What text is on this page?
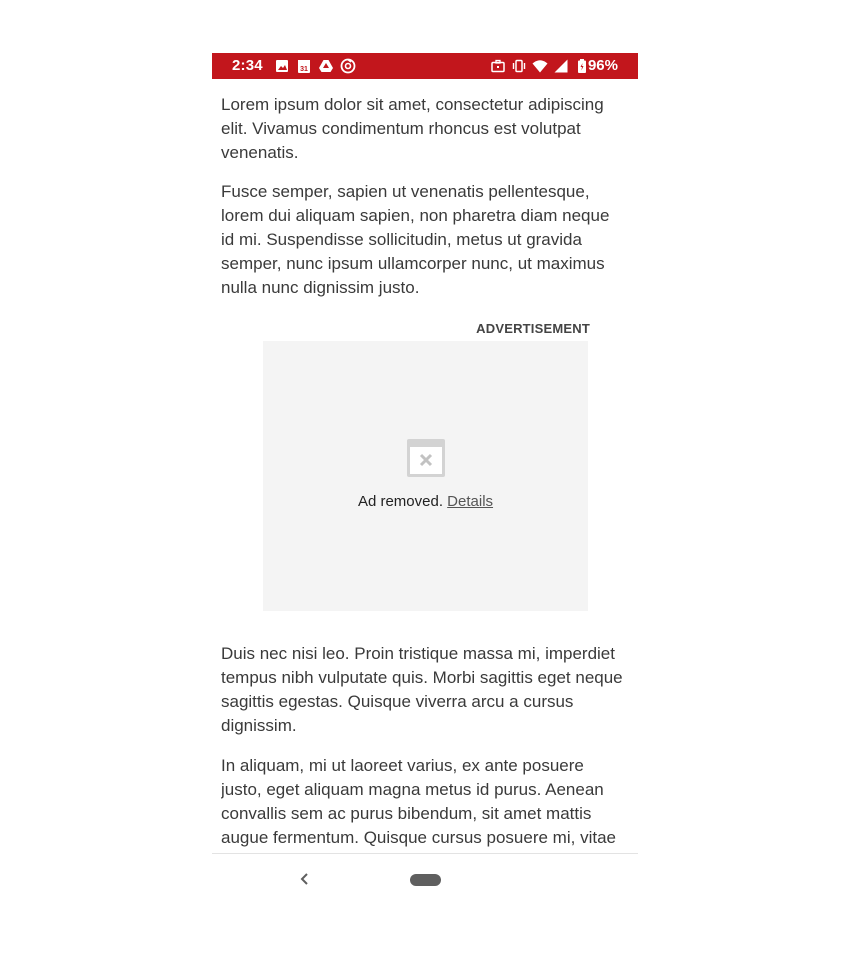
2:34	31	96%

Lorem ipsum dolor sit amet, consectetur adipiscing elit. Vivamus condimentum rhoncus est volutpat venenatis.

Fusce semper, sapien ut venenatis pellentesque, lorem dui aliquam sapien, non pharetra diam neque id mi. Suspendisse sollicitudin, metus ut gravida semper, nunc ipsum ullamcorper nunc, ut maximus nulla nunc dignissim justo.

ADVERTISEMENT
Ad removed. Details

Duis nec nisi leo. Proin tristique massa mi, imperdiet tempus nibh vulputate quis. Morbi sagittis eget neque sagittis egestas. Quisque viverra arcu a cursus dignissim.

In aliquam, mi ut laoreet varius, ex ante posuere justo, eget aliquam magna metus id purus. Aenean convallis sem ac purus bibendum, sit amet mattis augue fermentum. Quisque cursus posuere mi, vitae
